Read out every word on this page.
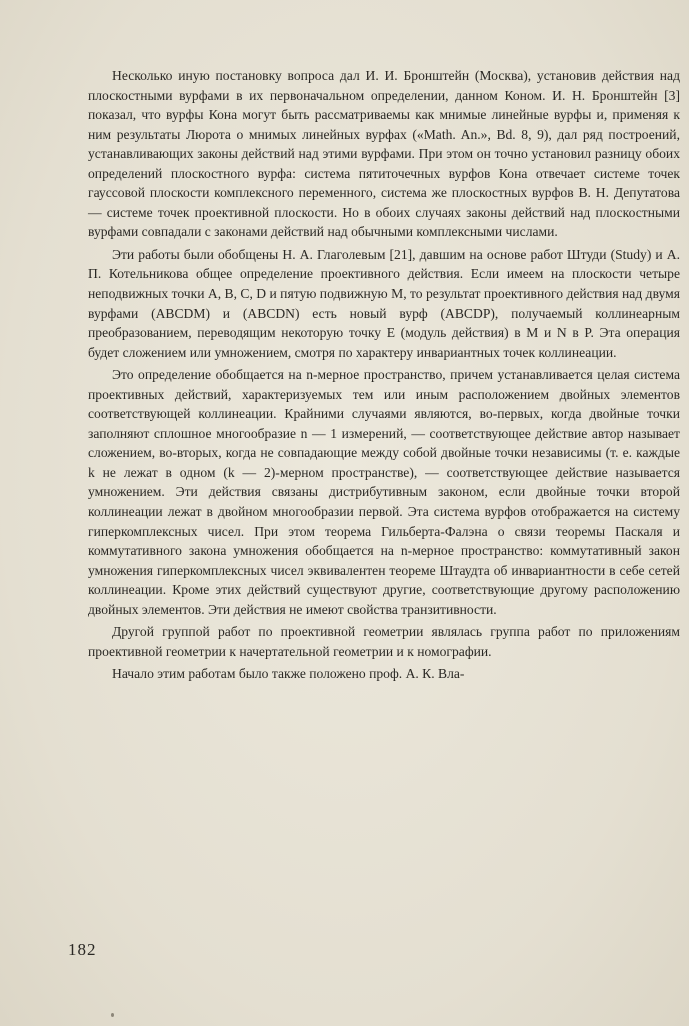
Несколько иную постановку вопроса дал И. И. Бронштейн (Москва), установив действия над плоскостными вурфами в их первоначальном определении, данном Коном. И. Н. Бронштейн [3] показал, что вурфы Кона могут быть рассматриваемы как мнимые линейные вурфы и, применяя к ним результаты Люрота о мнимых линейных вурфах («Math. An.», Bd. 8, 9), дал ряд построений, устанавливающих законы действий над этими вурфами. При этом он точно установил разницу обоих определений плоскостного вурфа: система пятиточечных вурфов Кона отвечает системе точек гауссовой плоскости комплексного переменного, система же плоскостных вурфов В. Н. Депутатова — системе точек проективной плоскости. Но в обоих случаях законы действий над плоскостными вурфами совпадали с законами действий над обычными комплексными числами.

Эти работы были обобщены Н. А. Глаголевым [21], давшим на основе работ Штуди (Study) и А. П. Котельникова общее определение проективного действия. Если имеем на плоскости четыре неподвижных точки A, B, C, D и пятую подвижную M, то результат проективного действия над двумя вурфами (ABCDM) и (ABCDN) есть новый вурф (ABCDP), получаемый коллинеарным преобразованием, переводящим некоторую точку E (модуль действия) в M и N в P. Эта операция будет сложением или умножением, смотря по характеру инвариантных точек коллинеации.

Это определение обобщается на n-мерное пространство, причем устанавливается целая система проективных действий, характеризуемых тем или иным расположением двойных элементов соответствующей коллинеации. Крайними случаями являются, во-первых, когда двойные точки заполняют сплошное многообразие n — 1 измерений, — соответствующее действие автор называет сложением, во-вторых, когда не совпадающие между собой двойные точки независимы (т. е. каждые k не лежат в одном (k — 2)-мерном пространстве), — соответствующее действие называется умножением. Эти действия связаны дистрибутивным законом, если двойные точки второй коллинеации лежат в двойном многообразии первой. Эта система вурфов отображается на систему гиперкомплексных чисел. При этом теорема Гильберта-Фалэна о связи теоремы Паскаля и коммутативного закона умножения обобщается на n-мерное пространство: коммутативный закон умножения гиперкомплексных чисел эквивалентен теореме Штаудта об инвариантности в себе сетей коллинеации. Кроме этих действий существуют другие, соответствующие другому расположению двойных элементов. Эти действия не имеют свойства транзитивности.

Другой группой работ по проективной геометрии являлась группа работ по приложениям проективной геометрии к начертательной геометрии и к номографии.

Начало этим работам было также положено проф. А. К. Вла-

182
